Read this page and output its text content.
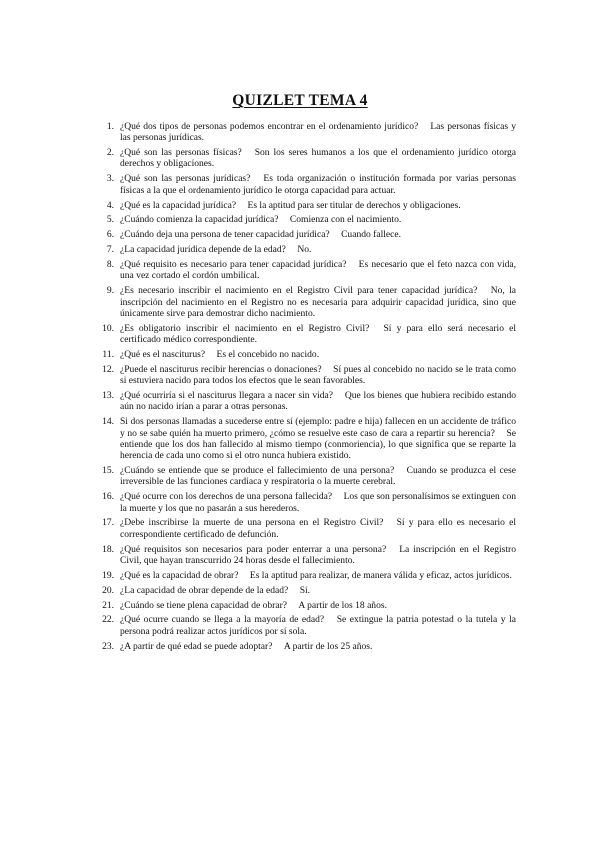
QUIZLET TEMA 4
1. ¿Qué dos tipos de personas podemos encontrar en el ordenamiento jurídico? Las personas físicas y las personas jurídicas.
2. ¿Qué son las personas físicas? Son los seres humanos a los que el ordenamiento jurídico otorga derechos y obligaciones.
3. ¿Qué son las personas jurídicas? Es toda organización o institución formada por varias personas físicas a la que el ordenamiento jurídico le otorga capacidad para actuar.
4. ¿Qué es la capacidad jurídica? Es la aptitud para ser titular de derechos y obligaciones.
5. ¿Cuándo comienza la capacidad jurídica? Comienza con el nacimiento.
6. ¿Cuándo deja una persona de tener capacidad jurídica? Cuando fallece.
7. ¿La capacidad jurídica depende de la edad? No.
8. ¿Qué requisito es necesario para tener capacidad jurídica? Es necesario que el feto nazca con vida, una vez cortado el cordón umbilical.
9. ¿Es necesario inscribir el nacimiento en el Registro Civil para tener capacidad jurídica? No, la inscripción del nacimiento en el Registro no es necesaria para adquirir capacidad jurídica, sino que únicamente sirve para demostrar dicho nacimiento.
10. ¿Es obligatorio inscribir el nacimiento en el Registro Civil? Sí y para ello será necesario el certificado médico correspondiente.
11. ¿Qué es el nasciturus? Es el concebido no nacido.
12. ¿Puede el nasciturus recibir herencias o donaciones? Sí pues al concebido no nacido se le trata como si estuviera nacido para todos los efectos que le sean favorables.
13. ¿Qué ocurriría si el nasciturus llegara a nacer sin vida? Que los bienes que hubiera recibido estando aún no nacido irían a parar a otras personas.
14. Si dos personas llamadas a sucederse entre sí (ejemplo: padre e hija) fallecen en un accidente de tráfico y no se sabe quién ha muerto primero, ¿cómo se resuelve este caso de cara a repartir su herencia? Se entiende que los dos han fallecido al mismo tiempo (conmoriencia), lo que significa que se reparte la herencia de cada uno como si el otro nunca hubiera existido.
15. ¿Cuándo se entiende que se produce el fallecimiento de una persona? Cuando se produzca el cese irreversible de las funciones cardiaca y respiratoria o la muerte cerebral.
16. ¿Qué ocurre con los derechos de una persona fallecida? Los que son personalísimos se extinguen con la muerte y los que no pasarán a sus herederos.
17. ¿Debe inscribirse la muerte de una persona en el Registro Civil? Sí y para ello es necesario el correspondiente certificado de defunción.
18. ¿Qué requisitos son necesarios para poder enterrar a una persona? La inscripción en el Registro Civil, que hayan transcurrido 24 horas desde el fallecimiento.
19. ¿Qué es la capacidad de obrar? Es la aptitud para realizar, de manera válida y eficaz, actos jurídicos.
20. ¿La capacidad de obrar depende de la edad? Sí.
21. ¿Cuándo se tiene plena capacidad de obrar? A partir de los 18 años.
22. ¿Qué ocurre cuando se llega a la mayoría de edad? Se extingue la patria potestad o la tutela y la persona podrá realizar actos jurídicos por sí sola.
23. ¿A partir de qué edad se puede adoptar? A partir de los 25 años.
